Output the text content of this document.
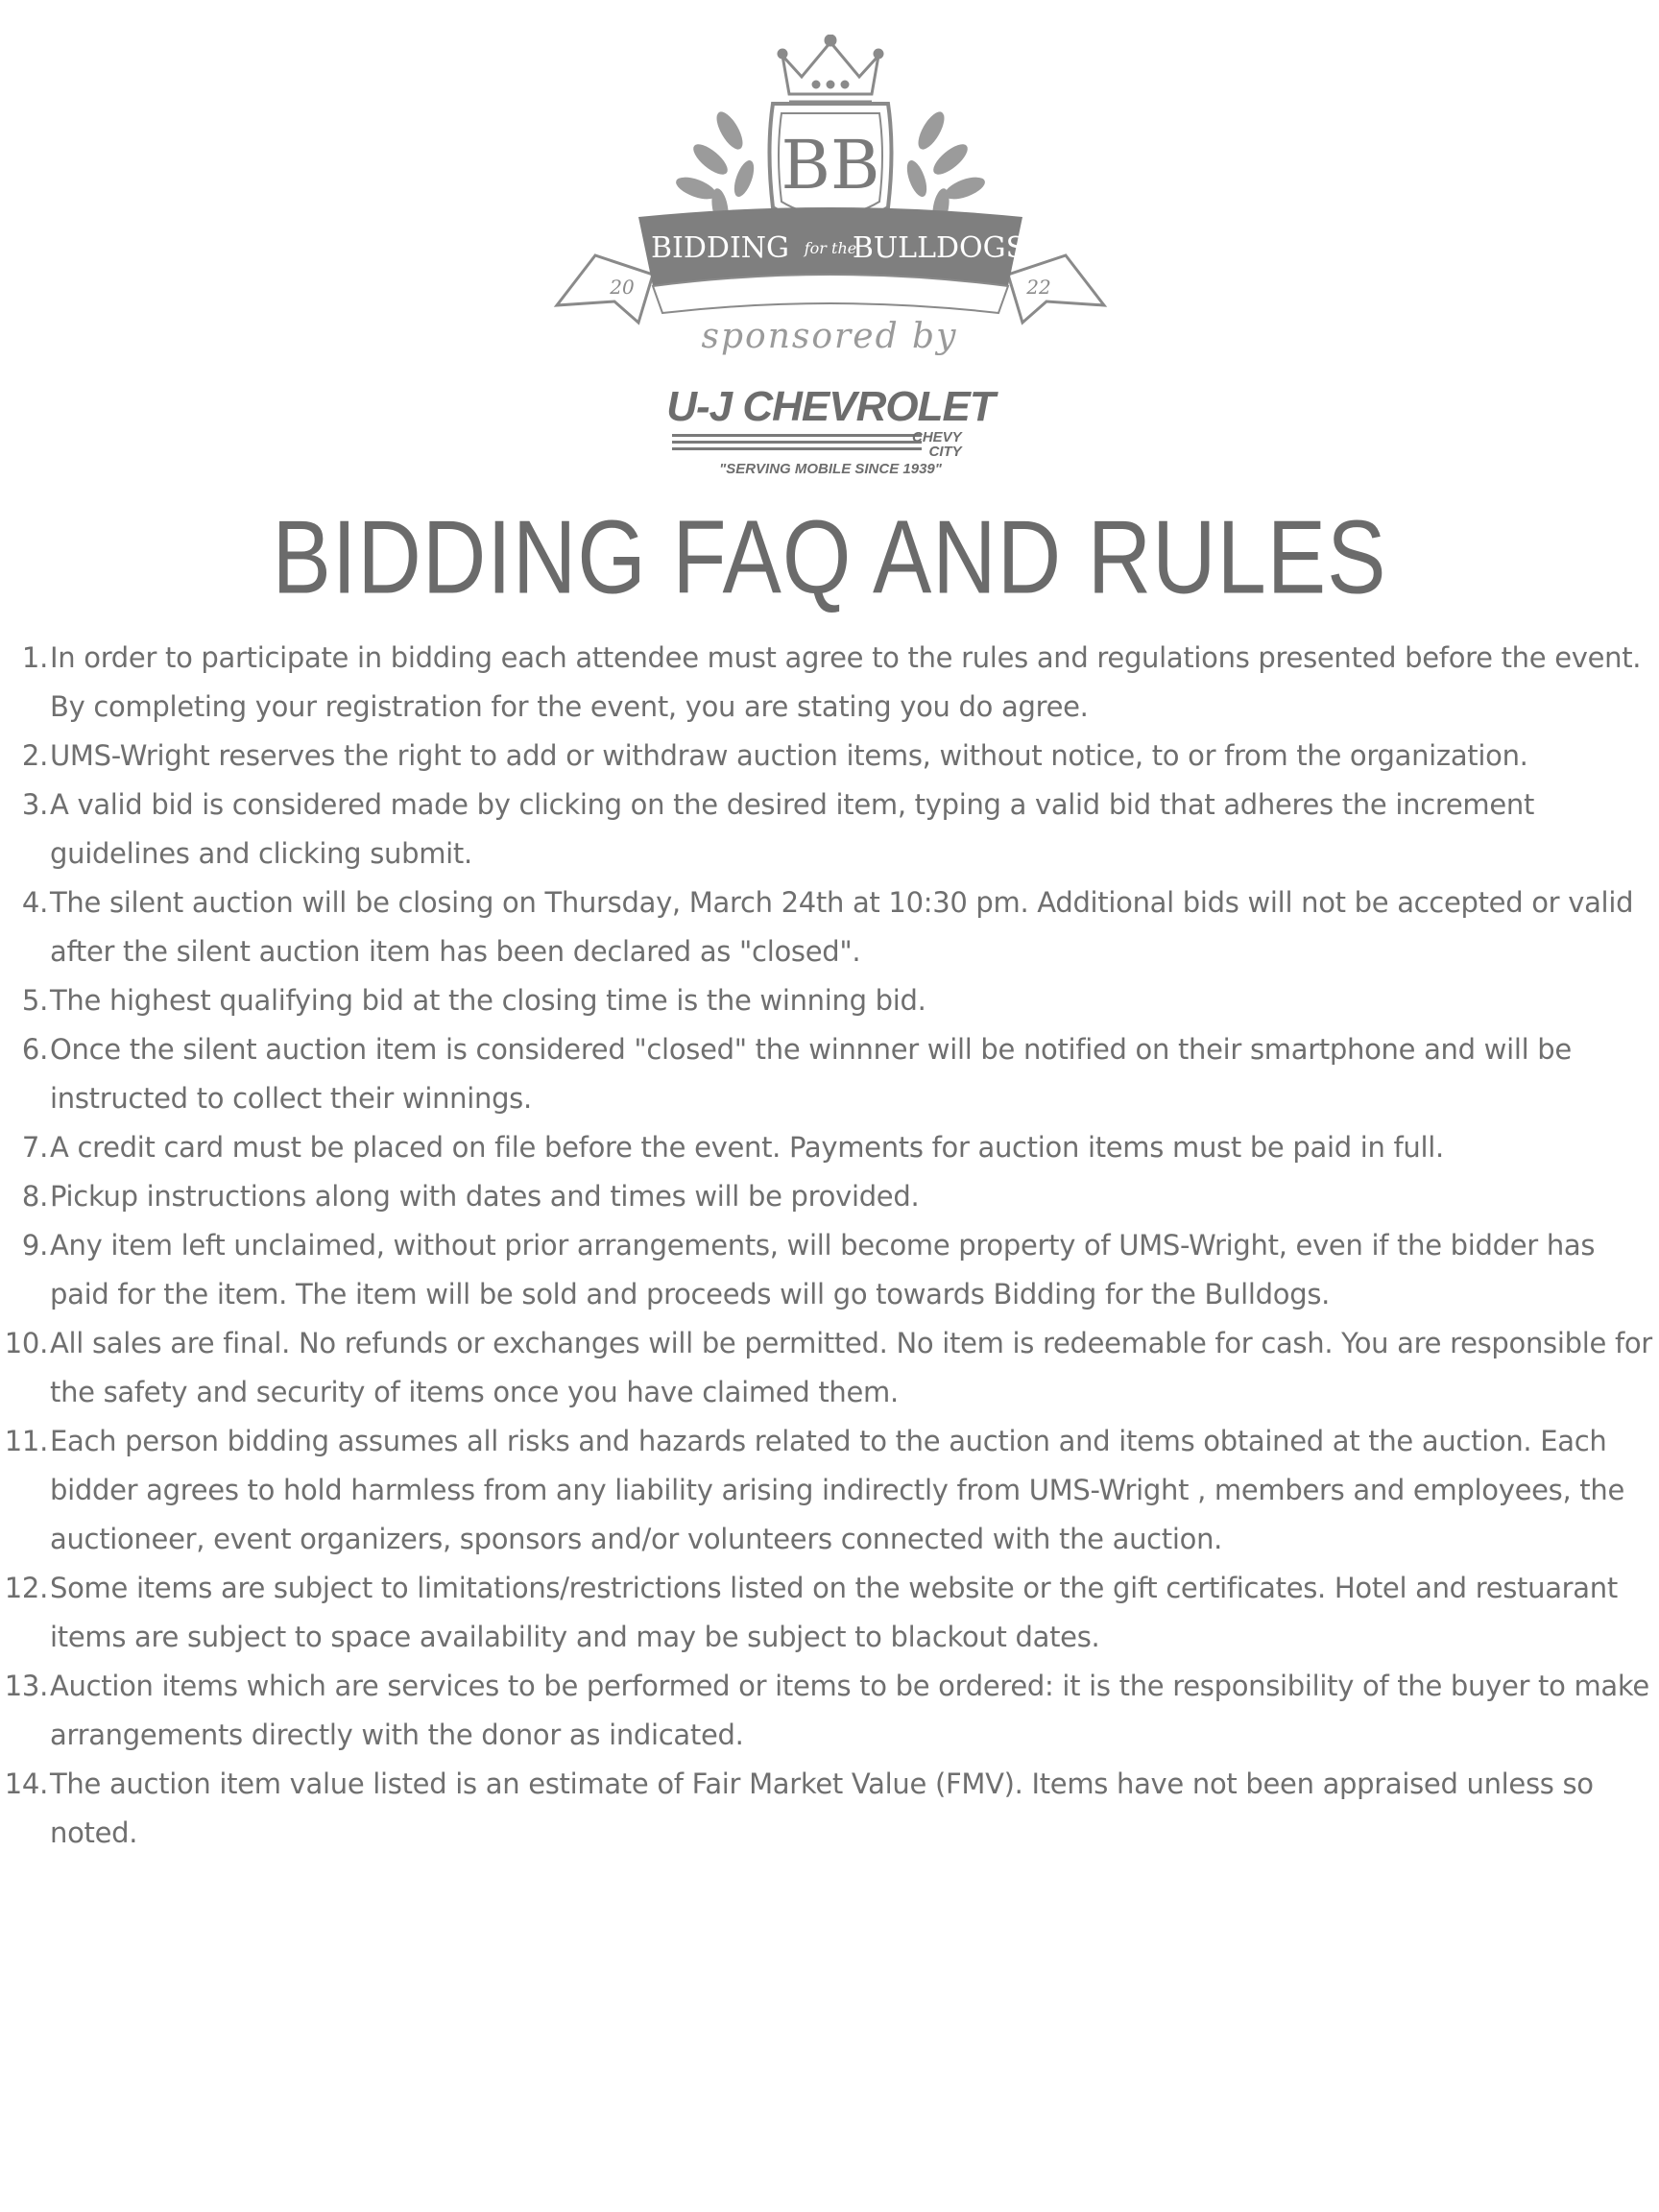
BB
BIDDING for the
BULLDOGS
20	22
sponsored by
U-J CHEVROLET
CHEVY
CITY
"SERVING MOBILE SINCE 1939"
BIDDING FAQ AND RULES
1. In order to participate in bidding each attendee must agree to the rules and regulations presented before the event. By completing your registration for the event, you are stating you do agree.
2. UMS-Wright reserves the right to add or withdraw auction items, without notice, to or from the organization.
3. A valid bid is considered made by clicking on the desired item, typing a valid bid that adheres the increment guidelines and clicking submit.
4. The silent auction will be closing on Thursday, March 24th at 10:30 pm. Additional bids will not be accepted or valid after the silent auction item has been declared as "closed".
5. The highest qualifying bid at the closing time is the winning bid.
6. Once the silent auction item is considered "closed" the winnner will be notified on their smartphone and will be instructed to collect their winnings.
7. A credit card must be placed on file before the event. Payments for auction items must be paid in full.
8. Pickup instructions along with dates and times will be provided.
9. Any item left unclaimed, without prior arrangements, will become property of UMS-Wright, even if the bidder has paid for the item. The item will be sold and proceeds will go towards Bidding for the Bulldogs.
10. All sales are final. No refunds or exchanges will be permitted. No item is redeemable for cash. You are responsible for the safety and security of items once you have claimed them.
11. Each person bidding assumes all risks and hazards related to the auction and items obtained at the auction. Each bidder agrees to hold harmless from any liability arising indirectly from UMS-Wright , members and employees, the auctioneer, event organizers, sponsors and/or volunteers connected with the auction.
12. Some items are subject to limitations/restrictions listed on the website or the gift certificates. Hotel and restuarant items are subject to space availability and may be subject to blackout dates.
13. Auction items which are services to be performed or items to be ordered: it is the responsibility of the buyer to make arrangements directly with the donor as indicated.
14. The auction item value listed is an estimate of Fair Market Value (FMV). Items have not been appraised unless so noted.
